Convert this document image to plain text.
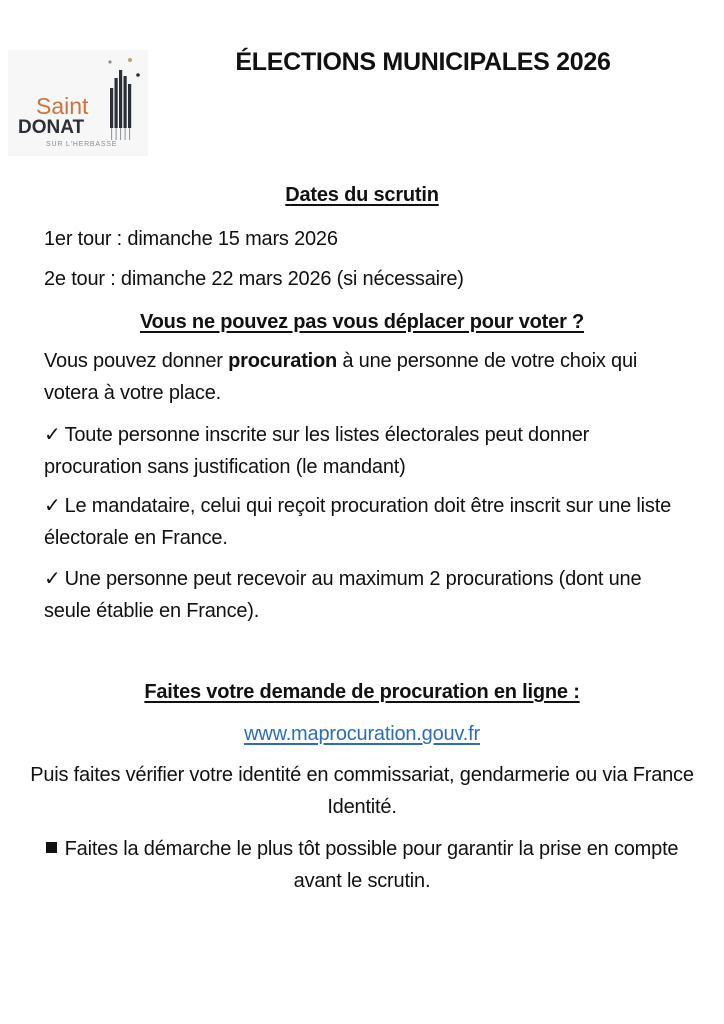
Saint
DONAT
SUR L'HERBASSE
ÉLECTIONS MUNICIPALES 2026
Dates du scrutin

1er tour : dimanche 15 mars 2026

2e tour : dimanche 22 mars 2026 (si nécessaire)

Vous ne pouvez pas vous déplacer pour voter ?

Vous pouvez donner procuration à une personne de votre choix qui votera à votre place.

✓ Toute personne inscrite sur les listes électorales peut donner procuration sans justification (le mandant)

✓ Le mandataire, celui qui reçoit procuration doit être inscrit sur une liste électorale en France.

✓ Une personne peut recevoir au maximum 2 procurations (dont une seule établie en France).

Faites votre demande de procuration en ligne :

www.maprocuration.gouv.fr

Puis faites vérifier votre identité en commissariat, gendarmerie ou via France Identité.

Faites la démarche le plus tôt possible pour garantir la prise en compte avant le scrutin.
